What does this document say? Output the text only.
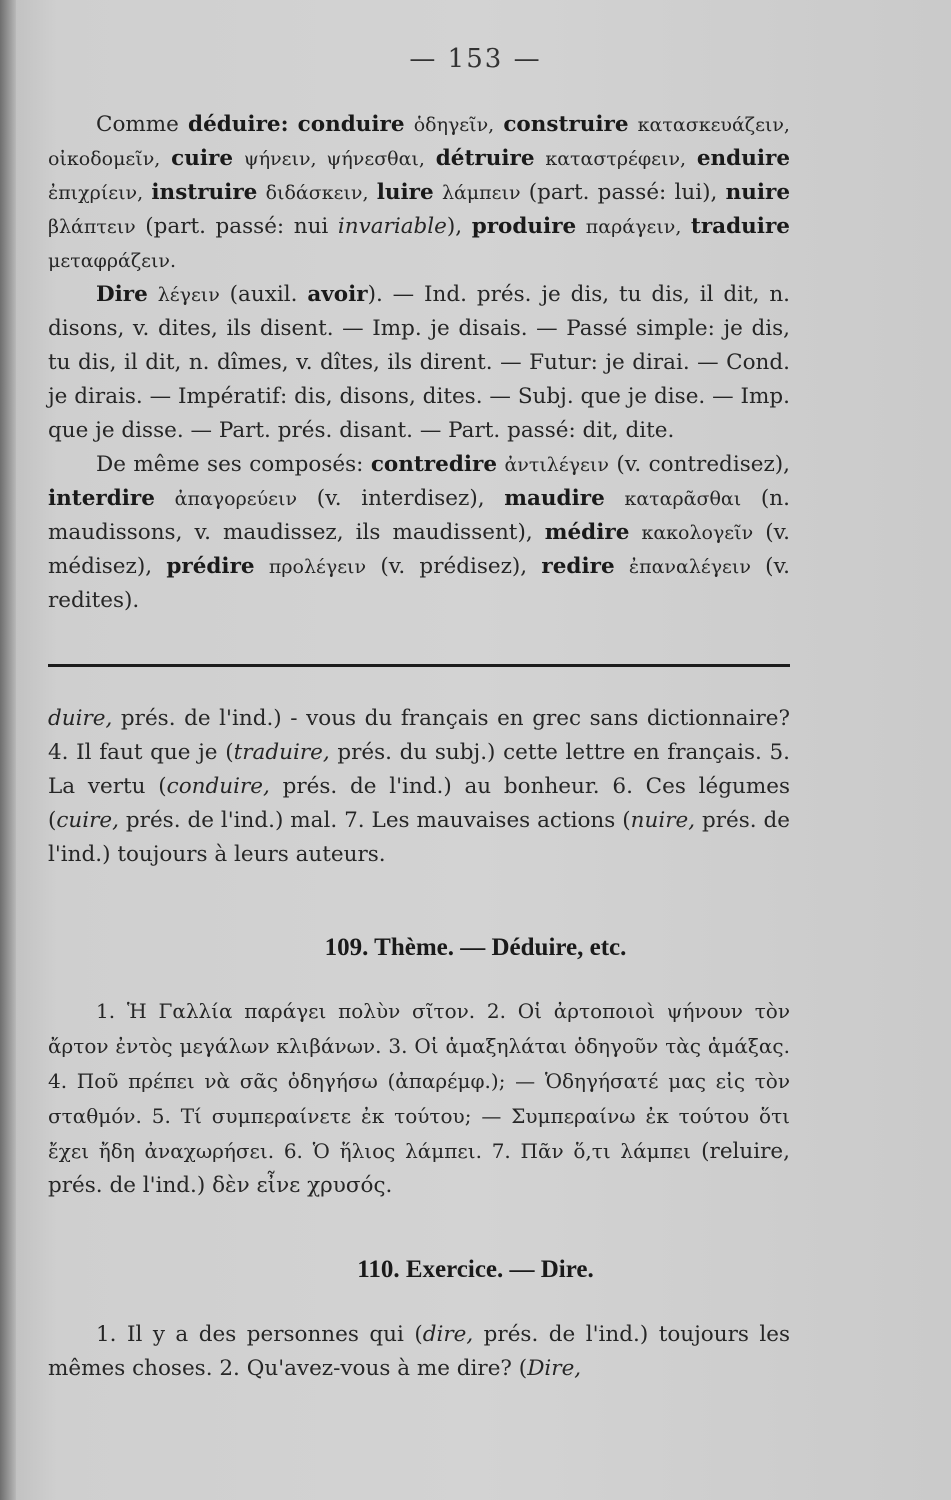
— 153 —

Comme déduire: conduire ὁδηγεῖν, construire κατασκευάζειν, οἰκοδομεῖν, cuire ψήνειν, ψήνεσθαι, détruire καταστρέφειν, enduire ἐπιχρίειν, instruire διδάσκειν, luire λάμπειν (part. passé: lui), nuire βλάπτειν (part. passé: nui invariable), produire παράγειν, traduire μεταφράζειν.

Dire λέγειν (auxil. avoir). — Ind. prés. je dis, tu dis, il dit, n. disons, v. dites, ils disent. — Imp. je disais. — Passé simple: je dis, tu dis, il dit, n. dîmes, v. dîtes, ils dirent. — Futur: je dirai. — Cond. je dirais. — Impératif: dis, disons, dites. — Subj. que je dise. — Imp. que je disse. — Part. prés. disant. — Part. passé: dit, dite.

De même ses composés: contredire ἀντιλέγειν (v. contredisez), interdire ἀπαγορεύειν (v. interdisez), maudire καταρᾶσθαι (n. maudissons, v. maudissez, ils maudissent), médire κακολογεῖν (v. médisez), prédire προλέγειν (v. prédisez), redire ἐπαναλέγειν (v. redites).

duire, prés. de l'ind.) - vous du français en grec sans dictionnaire? 4. Il faut que je (traduire, prés. du subj.) cette lettre en français. 5. La vertu (conduire, prés. de l'ind.) au bonheur. 6. Ces légumes (cuire, prés. de l'ind.) mal. 7. Les mauvaises actions (nuire, prés. de l'ind.) toujours à leurs auteurs.

109. Thème. — Déduire, etc.

1. Ἡ Γαλλία παράγει πολὺν σῖτον. 2. Οἱ ἀρτοποιοὶ ψήνουν τὸν ἄρτον ἐντὸς μεγάλων κλιβάνων. 3. Οἱ ἁμαξηλάται ὁδηγοῦν τὰς ἁμάξας. 4. Ποῦ πρέπει νὰ σᾶς ὁδηγήσω (ἀπαρέμφ.); — Ὁδηγήσατέ μας εἰς τὸν σταθμόν. 5. Τί συμπεραίνετε ἐκ τούτου; — Συμπεραίνω ἐκ τούτου ὅτι ἔχει ἤδη ἀναχωρήσει. 6. Ὁ ἥλιος λάμπει. 7. Πᾶν ὅ,τι λάμπει (reluire, prés. de l'ind.) δὲν εἶνε χρυσός.

110. Exercice. — Dire.

1. Il y a des personnes qui (dire, prés. de l'ind.) toujours les mêmes choses. 2. Qu'avez-vous à me dire? (Dire,
